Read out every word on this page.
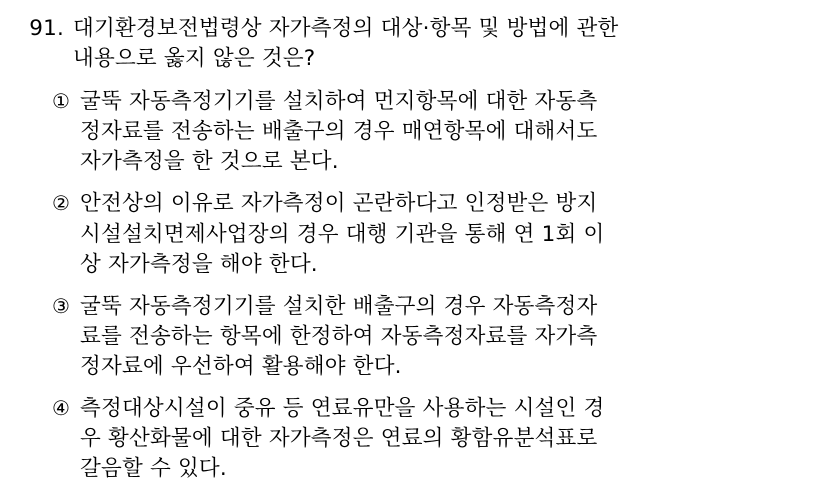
91. 대기환경보전법령상 자가측정의 대상·항목 및 방법에 관한
내용으로 옳지 않은 것은?
① 굴뚝 자동측정기기를 설치하여 먼지항목에 대한 자동측
정자료를 전송하는 배출구의 경우 매연항목에 대해서도
자가측정을 한 것으로 본다.
② 안전상의 이유로 자가측정이 곤란하다고 인정받은 방지
시설설치면제사업장의 경우 대행 기관을 통해 연 1회 이
상 자가측정을 해야 한다.
③ 굴뚝 자동측정기기를 설치한 배출구의 경우 자동측정자
료를 전송하는 항목에 한정하여 자동측정자료를 자가측
정자료에 우선하여 활용해야 한다.
④ 측정대상시설이 중유 등 연료유만을 사용하는 시설인 경
우 황산화물에 대한 자가측정은 연료의 황함유분석표로
갈음할 수 있다.
